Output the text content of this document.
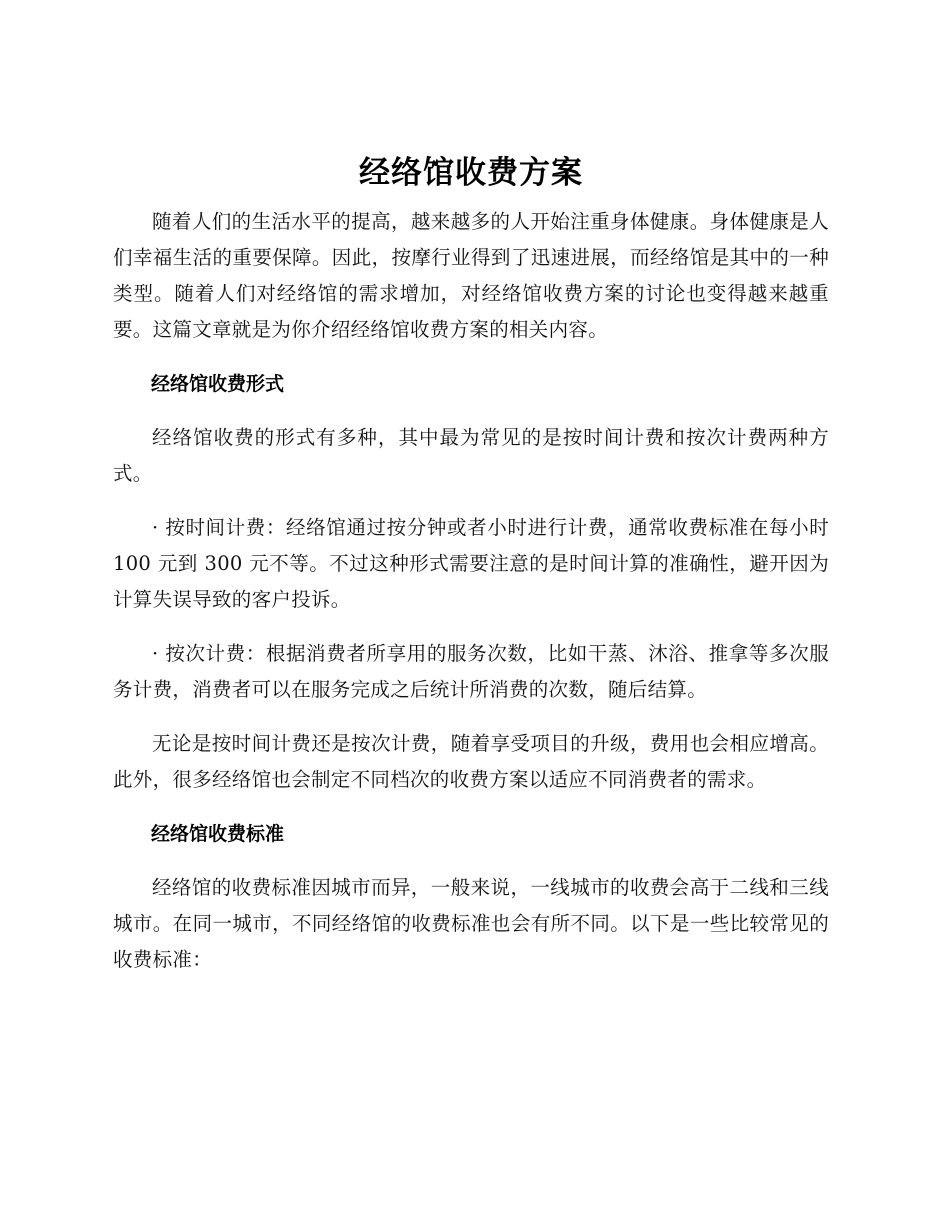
经络馆收费方案

随着人们的生活水平的提高，越来越多的人开始注重身体健康。身体健康是人们幸福生活的重要保障。因此，按摩行业得到了迅速进展，而经络馆是其中的一种类型。随着人们对经络馆的需求增加，对经络馆收费方案的讨论也变得越来越重要。这篇文章就是为你介绍经络馆收费方案的相关内容。

经络馆收费形式

经络馆收费的形式有多种，其中最为常见的是按时间计费和按次计费两种方式。

· 按时间计费：经络馆通过按分钟或者小时进行计费，通常收费标准在每小时 100 元到 300 元不等。不过这种形式需要注意的是时间计算的准确性，避开因为计算失误导致的客户投诉。

· 按次计费：根据消费者所享用的服务次数，比如干蒸、沐浴、推拿等多次服务计费，消费者可以在服务完成之后统计所消费的次数，随后结算。

无论是按时间计费还是按次计费，随着享受项目的升级，费用也会相应增高。此外，很多经络馆也会制定不同档次的收费方案以适应不同消费者的需求。

经络馆收费标准

经络馆的收费标准因城市而异，一般来说，一线城市的收费会高于二线和三线城市。在同一城市，不同经络馆的收费标准也会有所不同。以下是一些比较常见的收费标准：
